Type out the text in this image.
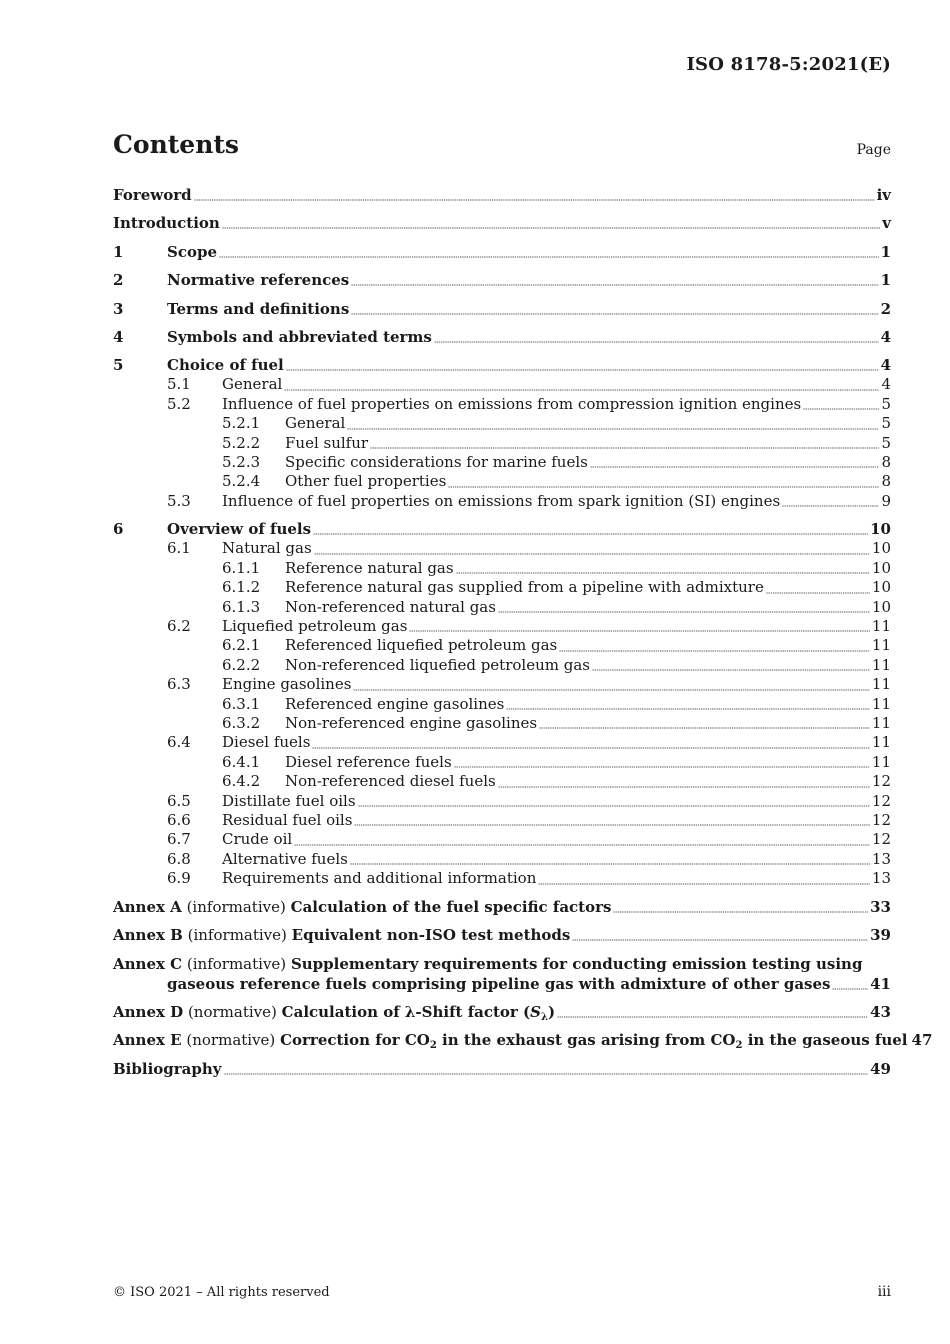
ISO 8178-5:2021(E)
Contents	Page
Foreword	iv
Introduction	v
1	Scope	1
2	Normative references	1
3	Terms and definitions	2
4	Symbols and abbreviated terms	4
5	Choice of fuel	4
5.1	General	4
5.2	Influence of fuel properties on emissions from compression ignition engines	5
5.2.1	General	5
5.2.2	Fuel sulfur	5
5.2.3	Specific considerations for marine fuels	8
5.2.4	Other fuel properties	8
5.3	Influence of fuel properties on emissions from spark ignition (SI) engines	9
6	Overview of fuels	10
6.1	Natural gas	10
6.1.1	Reference natural gas	10
6.1.2	Reference natural gas supplied from a pipeline with admixture	10
6.1.3	Non-referenced natural gas	10
6.2	Liquefied petroleum gas	11
6.2.1	Referenced liquefied petroleum gas	11
6.2.2	Non-referenced liquefied petroleum gas	11
6.3	Engine gasolines	11
6.3.1	Referenced engine gasolines	11
6.3.2	Non-referenced engine gasolines	11
6.4	Diesel fuels	11
6.4.1	Diesel reference fuels	11
6.4.2	Non-referenced diesel fuels	12
6.5	Distillate fuel oils	12
6.6	Residual fuel oils	12
6.7	Crude oil	12
6.8	Alternative fuels	13
6.9	Requirements and additional information	13
Annex A (informative) Calculation of the fuel specific factors	33
Annex B (informative) Equivalent non-ISO test methods	39
Annex C (informative) Supplementary requirements for conducting emission testing using
gaseous reference fuels comprising pipeline gas with admixture of other gases	41
Annex D (normative) Calculation of λ-Shift factor $(S_\lambda)$	43
Annex E (normative) Correction for $CO_2$ in the exhaust gas arising from $CO_2$ in the gaseous fuel 47
Bibliography	49
© ISO 2021 – All rights reserved	iii
